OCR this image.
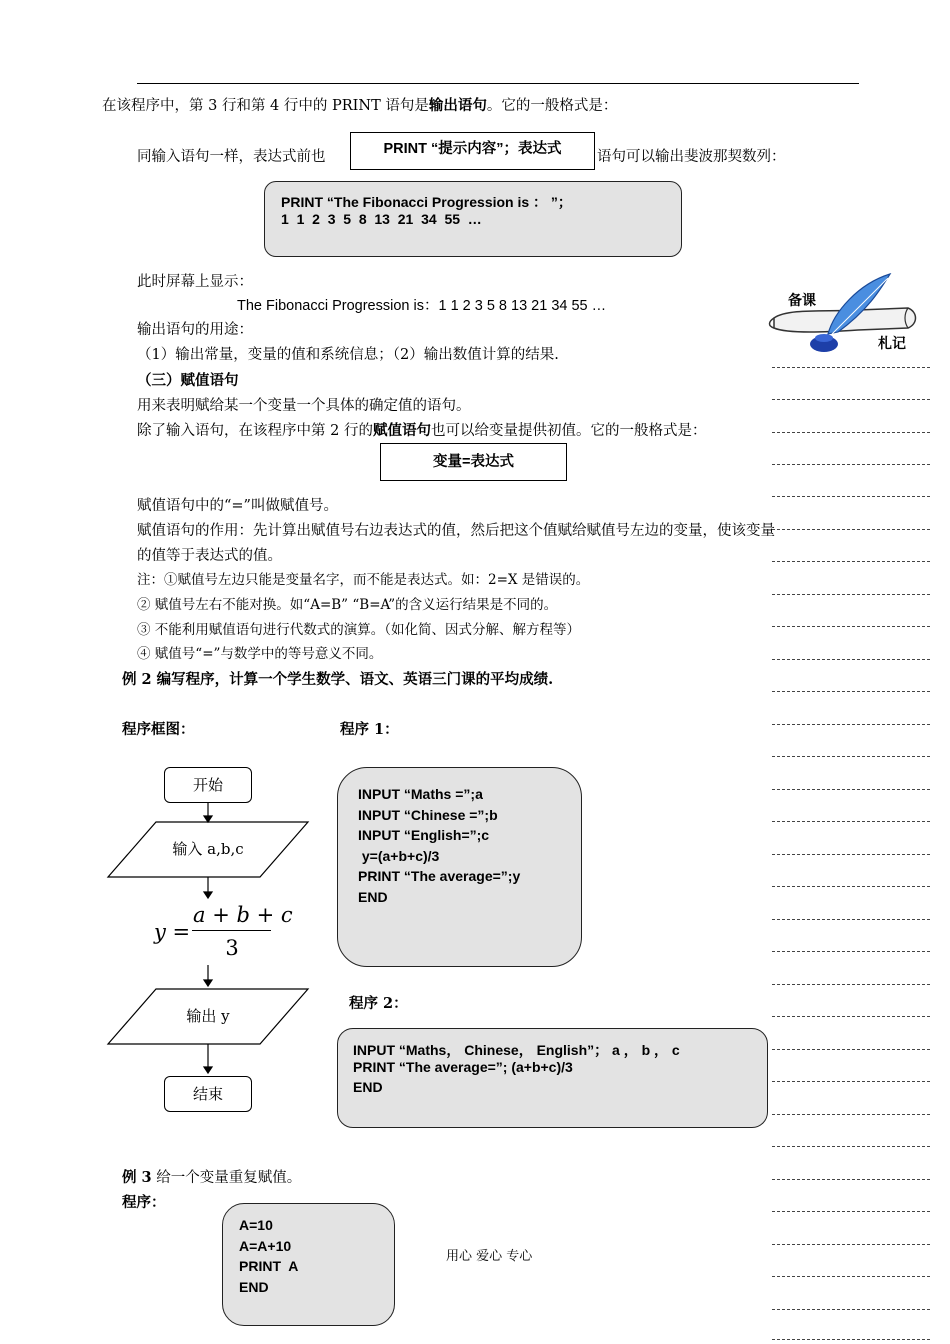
在该程序中，第 3 行和第 4 行中的 PRINT 语句是输出语句。它的一般格式是：
同输入语句一样，表达式前也	语句可以输出斐波那契数列：
PRINT “提示内容”；表达式
PRINT “The Fibonacci Progression is ： ”；
1  1  2  3  5  8  13  21  34  55  …
此时屏幕上显示：
The Fibonacci Progression is：1 1 2 3 5 8 13 21 34 55 …
输出语句的用途：
（1）输出常量，变量的值和系统信息；（2）输出数值计算的结果.
（三）赋值语句
用来表明赋给某一个变量一个具体的确定值的语句。
除了输入语句，在该程序中第 2 行的赋值语句也可以给变量提供初值。它的一般格式是：
变量=表达式
赋值语句中的“=”叫做赋值号。
赋值语句的作用：先计算出赋值号右边表达式的值，然后把这个值赋给赋值号左边的变量，使该变量
的值等于表达式的值。
注：①赋值号左边只能是变量名字，而不能是表达式。如：2=X 是错误的。
② 赋值号左右不能对换。如“A=B” “B=A”的含义运行结果是不同的。
③ 不能利用赋值语句进行代数式的演算。（如化简、因式分解、解方程等）
④ 赋值号“=”与数学中的等号意义不同。
例 2 编写程序，计算一个学生数学、语文、英语三门课的平均成绩.
程序框图：	程序 1：
开始
输入 a,b,c
y =
a + b + c
3
输出 y
结束
INPUT “Maths =”;a
INPUT “Chinese =”;b
INPUT “English=”;c
y=(a+b+c)/3
PRINT “The average=”;y
END
程序 2：
INPUT “Maths， Chinese， English”； a ， b ， c
PRINT “The average=”; (a+b+c)/3
END
例 3 给一个变量重复赋值。
程序：
A=10
A=A+10
PRINT  A
END
用心 爱心 专心
备课
札记
